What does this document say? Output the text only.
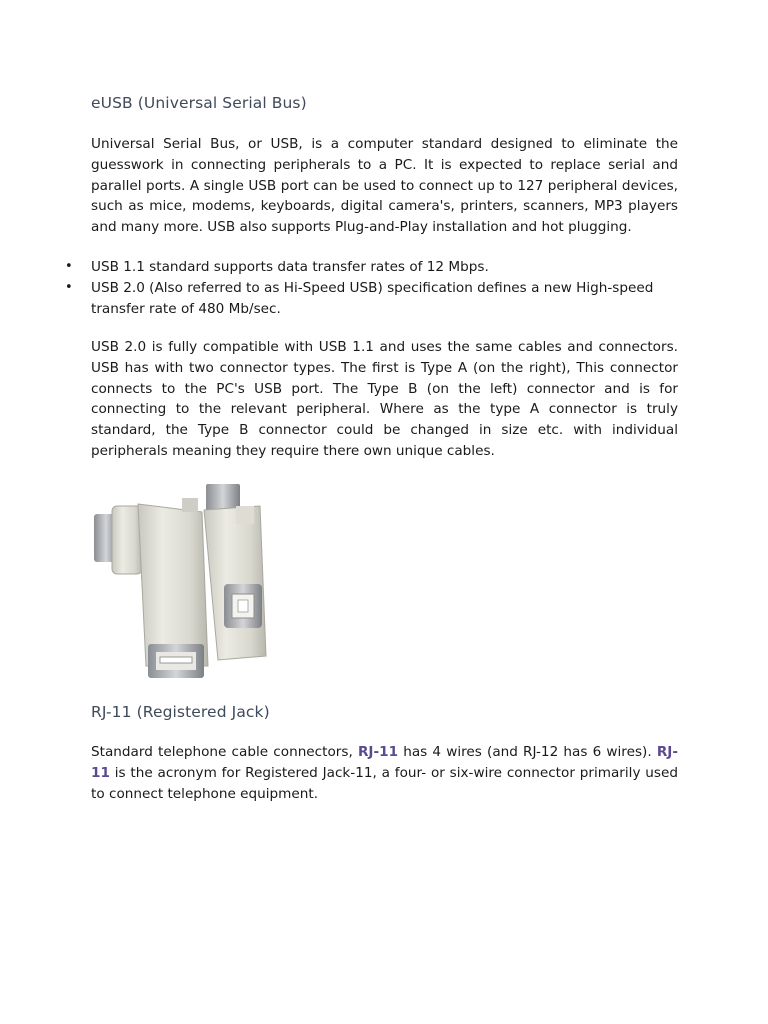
eUSB (Universal Serial Bus)

Universal Serial Bus, or USB, is a computer standard designed to eliminate the guesswork in connecting peripherals to a PC. It is expected to replace serial and parallel ports. A single USB port can be used to connect up to 127 peripheral devices, such as mice, modems, keyboards, digital camera's, printers, scanners, MP3 players and many more. USB also supports Plug-and-Play installation and hot plugging.

• USB 1.1 standard supports data transfer rates of 12 Mbps.
• USB 2.0 (Also referred to as Hi-Speed USB) specification defines a new High-speed transfer rate of 480 Mb/sec.

USB 2.0 is fully compatible with USB 1.1 and uses the same cables and connectors. USB has with two connector types. The first is Type A (on the right), This connector connects to the PC's USB port. The Type B (on the left) connector and is for connecting to the relevant peripheral. Where as the type A connector is truly standard, the Type B connector could be changed in size etc. with individual peripherals meaning they require there own unique cables.

RJ-11 (Registered Jack)

Standard telephone cable connectors, RJ-11 has 4 wires (and RJ-12 has 6 wires). RJ-11 is the acronym for Registered Jack-11, a four- or six-wire connector primarily used to connect telephone equipment.
